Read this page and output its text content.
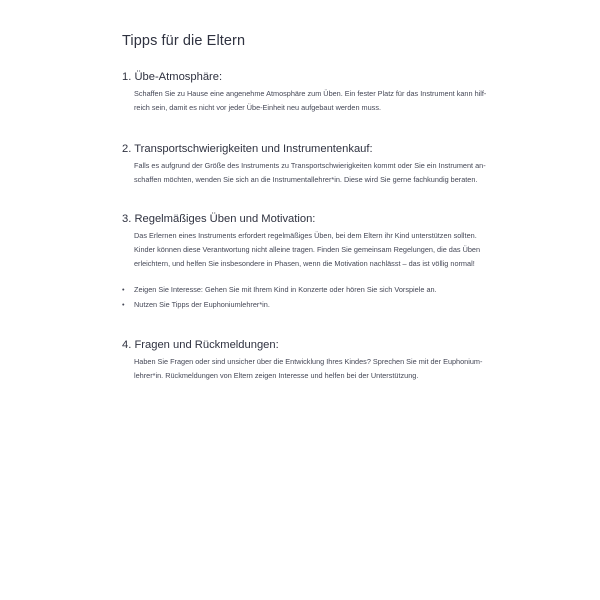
Tipps für die Eltern
1. Übe-Atmosphäre:
Schaffen Sie zu Hause eine angenehme Atmosphäre zum Üben. Ein fester Platz für das Instrument kann hilf-
reich sein, damit es nicht vor jeder Übe-Einheit neu aufgebaut werden muss.
2. Transportschwierigkeiten und Instrumentenkauf:
Falls es aufgrund der Größe des Instruments zu Transportschwierigkeiten kommt oder Sie ein Instrument an-
schaffen möchten, wenden Sie sich an die Instrumentallehrer*in. Diese wird Sie gerne fachkundig beraten.
3. Regelmäßiges Üben und Motivation:
Das Erlernen eines Instruments erfordert regelmäßiges Üben, bei dem Eltern ihr Kind unterstützen sollten.
Kinder können diese Verantwortung nicht alleine tragen. Finden Sie gemeinsam Regelungen, die das Üben
erleichtern, und helfen Sie insbesondere in Phasen, wenn die Motivation nachlässt – das ist völlig normal!
•	Zeigen Sie Interesse: Gehen Sie mit Ihrem Kind in Konzerte oder hören Sie sich Vorspiele an.
•	Nutzen Sie Tipps der Euphoniumlehrer*in.
4. Fragen und Rückmeldungen:
Haben Sie Fragen oder sind unsicher über die Entwicklung Ihres Kindes? Sprechen Sie mit der Euphonium-
lehrer*in. Rückmeldungen von Eltern zeigen Interesse und helfen bei der Unterstützung.
